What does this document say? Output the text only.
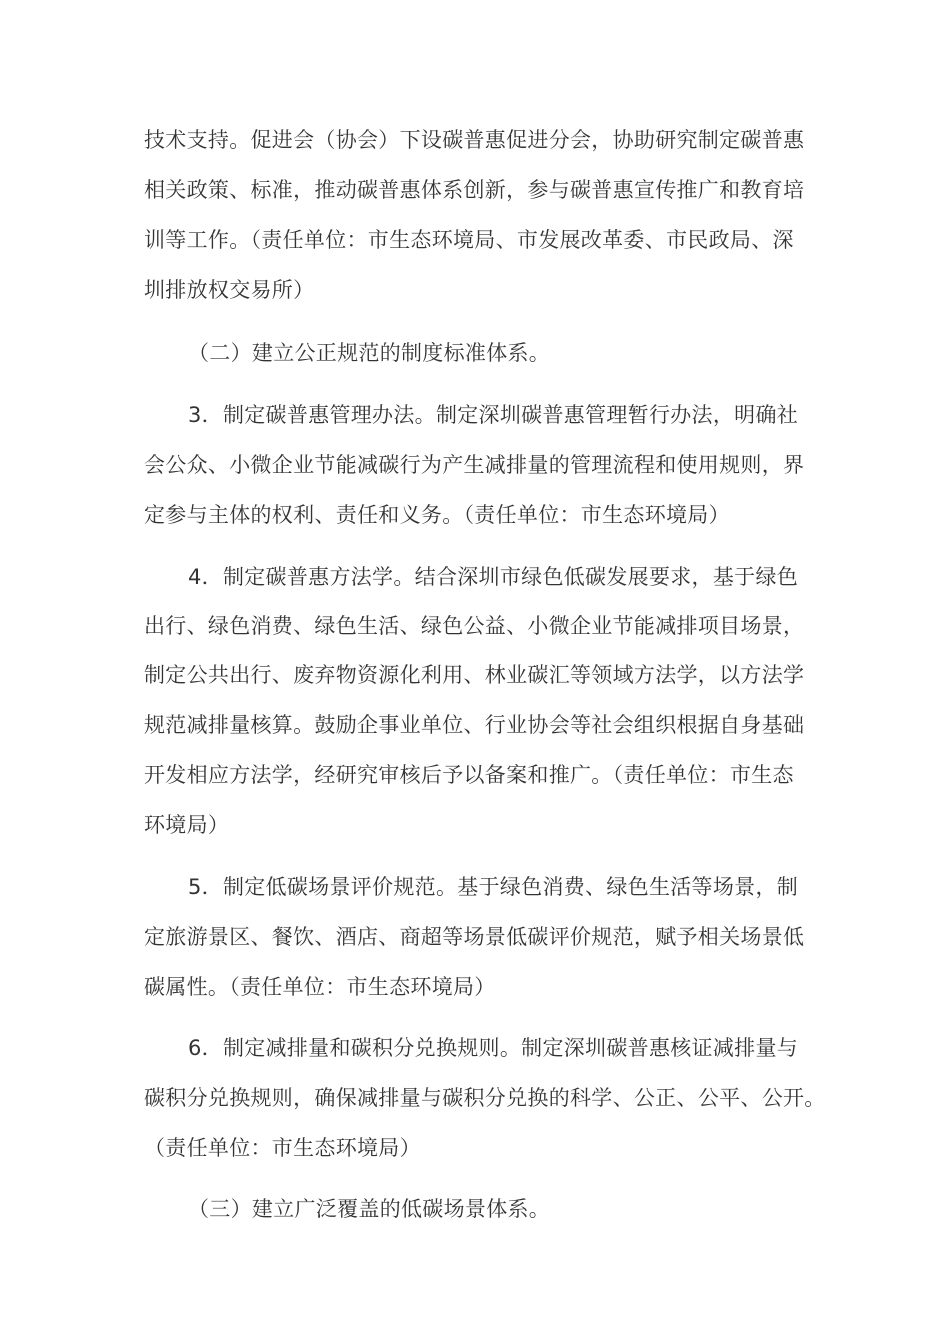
技术支持。促进会（协会）下设碳普惠促进分会，协助研究制定碳普惠
相关政策、标准，推动碳普惠体系创新，参与碳普惠宣传推广和教育培
训等工作。（责任单位：市生态环境局、市发展改革委、市民政局、深
圳排放权交易所）
（二）建立公正规范的制度标准体系。
3．制定碳普惠管理办法。制定深圳碳普惠管理暂行办法，明确社
会公众、小微企业节能减碳行为产生减排量的管理流程和使用规则，界
定参与主体的权利、责任和义务。（责任单位：市生态环境局）
4．制定碳普惠方法学。结合深圳市绿色低碳发展要求，基于绿色
出行、绿色消费、绿色生活、绿色公益、小微企业节能减排项目场景，
制定公共出行、废弃物资源化利用、林业碳汇等领域方法学，以方法学
规范减排量核算。鼓励企事业单位、行业协会等社会组织根据自身基础
开发相应方法学，经研究审核后予以备案和推广。（责任单位：市生态
环境局）
5．制定低碳场景评价规范。基于绿色消费、绿色生活等场景，制
定旅游景区、餐饮、酒店、商超等场景低碳评价规范，赋予相关场景低
碳属性。（责任单位：市生态环境局）
6．制定减排量和碳积分兑换规则。制定深圳碳普惠核证减排量与
碳积分兑换规则，确保减排量与碳积分兑换的科学、公正、公平、公开。
（责任单位：市生态环境局）
（三）建立广泛覆盖的低碳场景体系。
